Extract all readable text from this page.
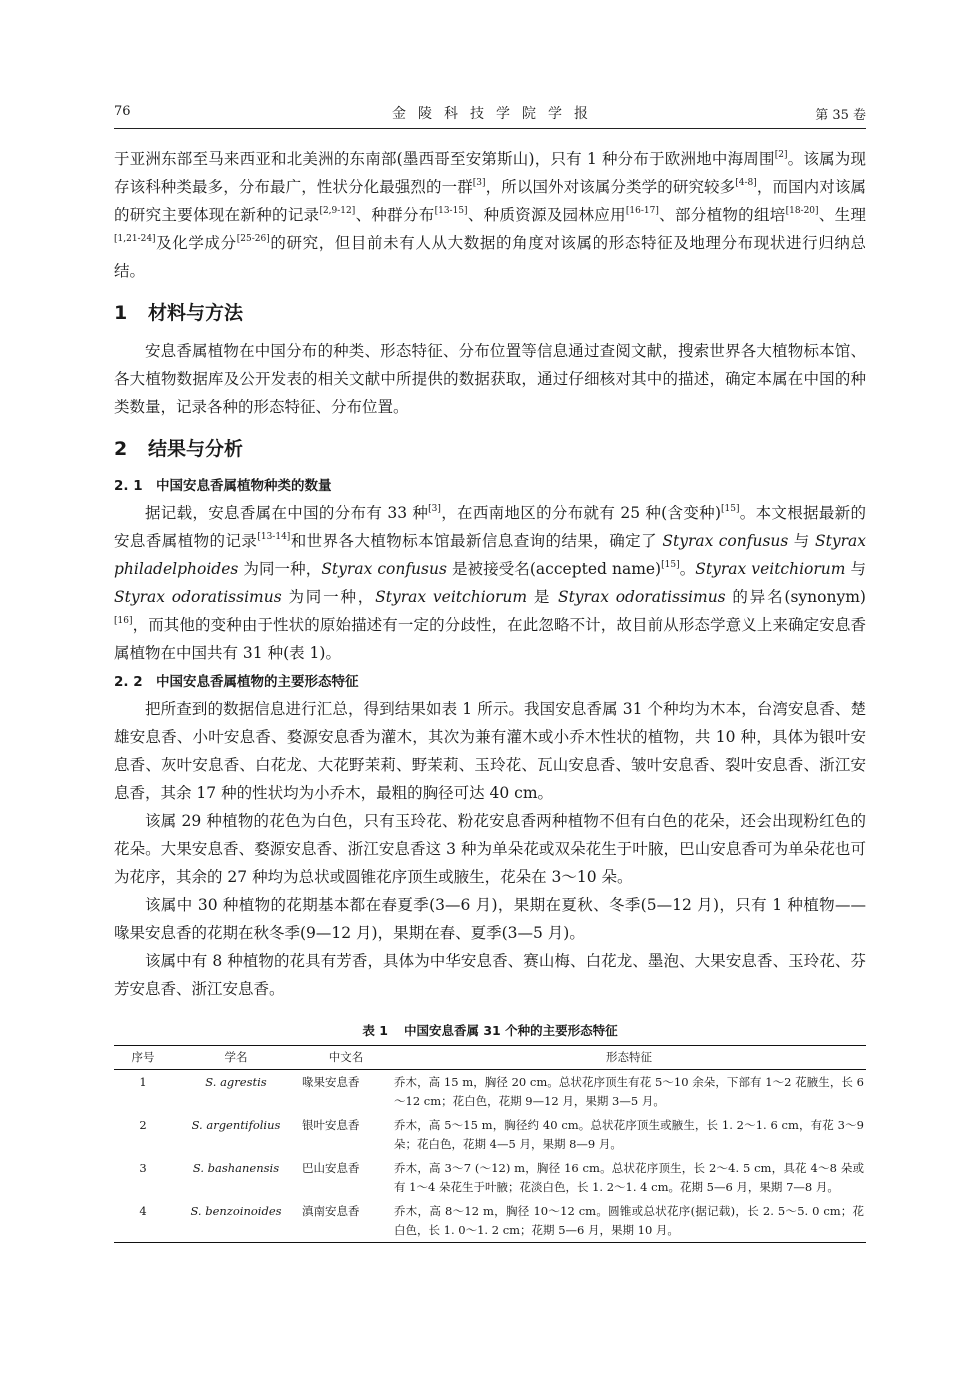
76	金陵科技学院学报	第 35 卷

于亚洲东部至马来西亚和北美洲的东南部(墨西哥至安第斯山)，只有 1 种分布于欧洲地中海周围[2]。该属为现存该科种类最多，分布最广，性状分化最强烈的一群[3]，所以国外对该属分类学的研究较多[4-8]，而国内对该属的研究主要体现在新种的记录[2,9-12]、种群分布[13-15]、种质资源及园林应用[16-17]、部分植物的组培[18-20]、生理[1,21-24]及化学成分[25-26]的研究，但目前未有人从大数据的角度对该属的形态特征及地理分布现状进行归纳总结。

1 材料与方法

安息香属植物在中国分布的种类、形态特征、分布位置等信息通过查阅文献，搜索世界各大植物标本馆、各大植物数据库及公开发表的相关文献中所提供的数据获取，通过仔细核对其中的描述，确定本属在中国的种类数量，记录各种的形态特征、分布位置。

2 结果与分析
2. 1 中国安息香属植物种类的数量

据记载，安息香属在中国的分布有 33 种[3]，在西南地区的分布就有 25 种(含变种)[15]。本文根据最新的安息香属植物的记录[13-14]和世界各大植物标本馆最新信息查询的结果，确定了 Styrax confusus 与 Styrax philadelphoides 为同一种，Styrax confusus 是被接受名(accepted name)[15]。Styrax veitchiorum 与 Styrax odoratissimus 为同一种，Styrax veitchiorum 是 Styrax odoratissimus 的异名(synonym)[16]，而其他的变种由于性状的原始描述有一定的分歧性，在此忽略不计，故目前从形态学意义上来确定安息香属植物在中国共有 31 种(表 1)。

2. 2 中国安息香属植物的主要形态特征

把所查到的数据信息进行汇总，得到结果如表 1 所示。我国安息香属 31 个种均为木本，台湾安息香、楚雄安息香、小叶安息香、婺源安息香为灌木，其次为兼有灌木或小乔木性状的植物，共 10 种，具体为银叶安息香、灰叶安息香、白花龙、大花野茉莉、野茉莉、玉玲花、瓦山安息香、皱叶安息香、裂叶安息香、浙江安息香，其余 17 种的性状均为小乔木，最粗的胸径可达 40 cm。

该属 29 种植物的花色为白色，只有玉玲花、粉花安息香两种植物不但有白色的花朵，还会出现粉红色的花朵。大果安息香、婺源安息香、浙江安息香这 3 种为单朵花或双朵花生于叶腋，巴山安息香可为单朵花也可为花序，其余的 27 种均为总状或圆锥花序顶生或腋生，花朵在 3～10 朵。

该属中 30 种植物的花期基本都在春夏季(3—6 月)，果期在夏秋、冬季(5—12 月)，只有 1 种植物——喙果安息香的花期在秋冬季(9—12 月)，果期在春、夏季(3—5 月)。

该属中有 8 种植物的花具有芳香，具体为中华安息香、赛山梅、白花龙、墨泡、大果安息香、玉玲花、芬芳安息香、浙江安息香。

表 1 中国安息香属 31 个种的主要形态特征
序号	学名	中文名	形态特征
1	S. agrestis	喙果安息香	乔木，高 15 m，胸径 20 cm。总状花序顶生有花 5～10 余朵，下部有 1～2 花腋生，长 6～12 cm；花白色，花期 9—12 月，果期 3—5 月。
2	S. argentifolius	银叶安息香	乔木，高 5～15 m，胸径约 40 cm。总状花序顶生或腋生，长 1. 2～1. 6 cm，有花 3～9 朵；花白色，花期 4—5 月，果期 8—9 月。
3	S. bashanensis	巴山安息香	乔木，高 3～7 (～12) m，胸径 16 cm。总状花序顶生，长 2～4. 5 cm，具花 4～8 朵或有 1～4 朵花生于叶腋；花淡白色，长 1. 2～1. 4 cm。花期 5—6 月，果期 7—8 月。
4	S. benzoinoides	滇南安息香	乔木，高 8～12 m，胸径 10～12 cm。圆锥或总状花序(据记载)，长 2. 5～5. 0 cm；花白色，长 1. 0～1. 2 cm；花期 5—6 月，果期 10 月。
